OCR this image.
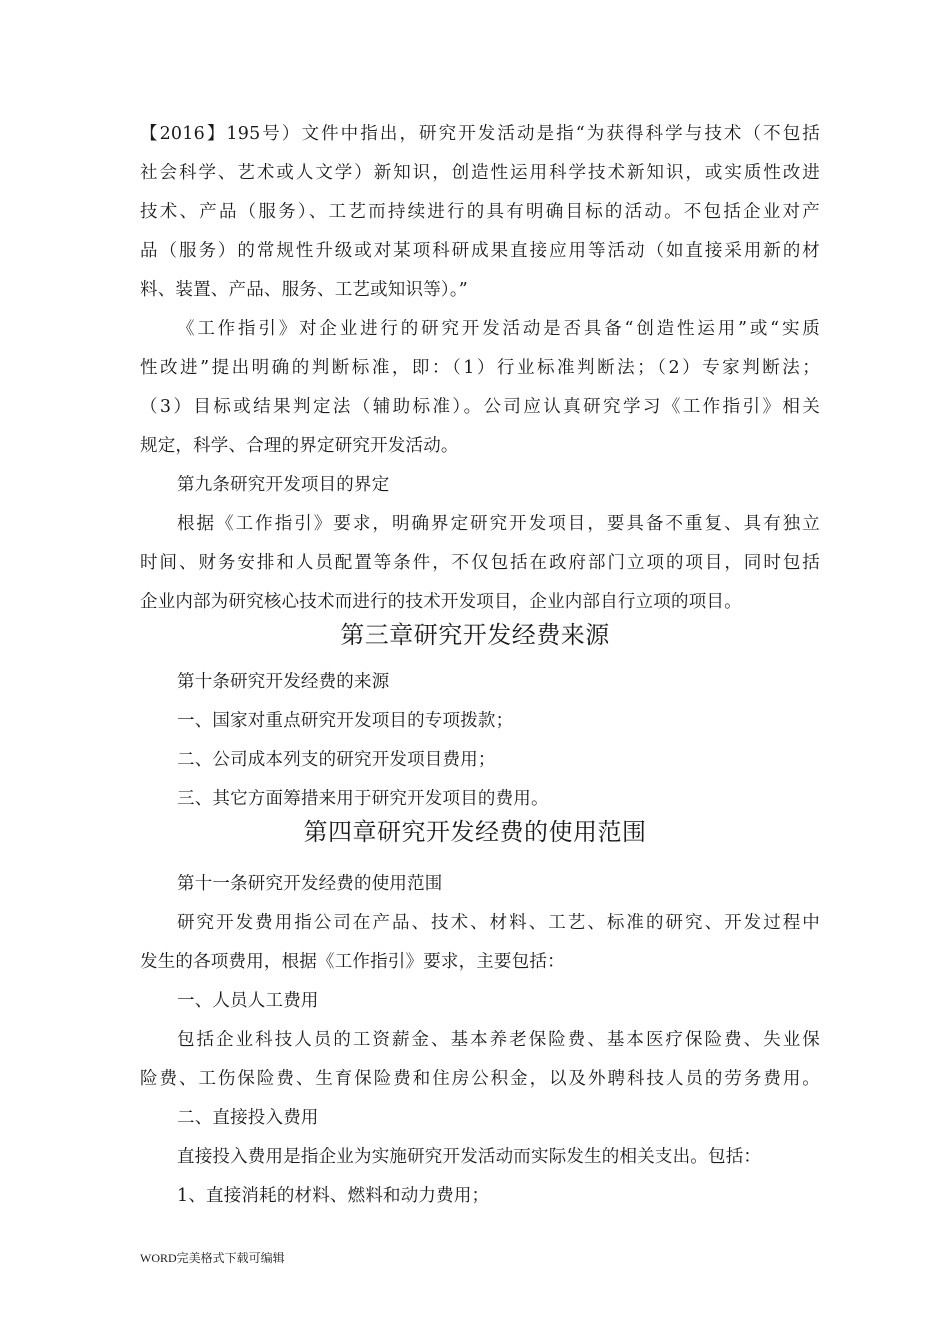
【2016】195号）文件中指出，研究开发活动是指“为获得科学与技术（不包括
社会科学、艺术或人文学）新知识，创造性运用科学技术新知识，或实质性改进
技术、产品（服务）、工艺而持续进行的具有明确目标的活动。不包括企业对产
品（服务）的常规性升级或对某项科研成果直接应用等活动（如直接采用新的材
料、装置、产品、服务、工艺或知识等）。”
《工作指引》对企业进行的研究开发活动是否具备“创造性运用”或“实质
性改进”提出明确的判断标准，即：（1）行业标准判断法；（2）专家判断法；
（3）目标或结果判定法（辅助标准）。公司应认真研究学习《工作指引》相关
规定，科学、合理的界定研究开发活动。
第九条研究开发项目的界定
根据《工作指引》要求，明确界定研究开发项目，要具备不重复、具有独立
时间、财务安排和人员配置等条件，不仅包括在政府部门立项的项目，同时包括
企业内部为研究核心技术而进行的技术开发项目，企业内部自行立项的项目。
第三章研究开发经费来源
第十条研究开发经费的来源
一、国家对重点研究开发项目的专项拨款；
二、公司成本列支的研究开发项目费用；
三、其它方面筹措来用于研究开发项目的费用。
第四章研究开发经费的使用范围
第十一条研究开发经费的使用范围
研究开发费用指公司在产品、技术、材料、工艺、标准的研究、开发过程中
发生的各项费用，根据《工作指引》要求，主要包括：
一、人员人工费用
包括企业科技人员的工资薪金、基本养老保险费、基本医疗保险费、失业保
险费、工伤保险费、生育保险费和住房公积金，以及外聘科技人员的劳务费用。
二、直接投入费用
直接投入费用是指企业为实施研究开发活动而实际发生的相关支出。包括：
1、直接消耗的材料、燃料和动力费用；
WORD完美格式下载可编辑
